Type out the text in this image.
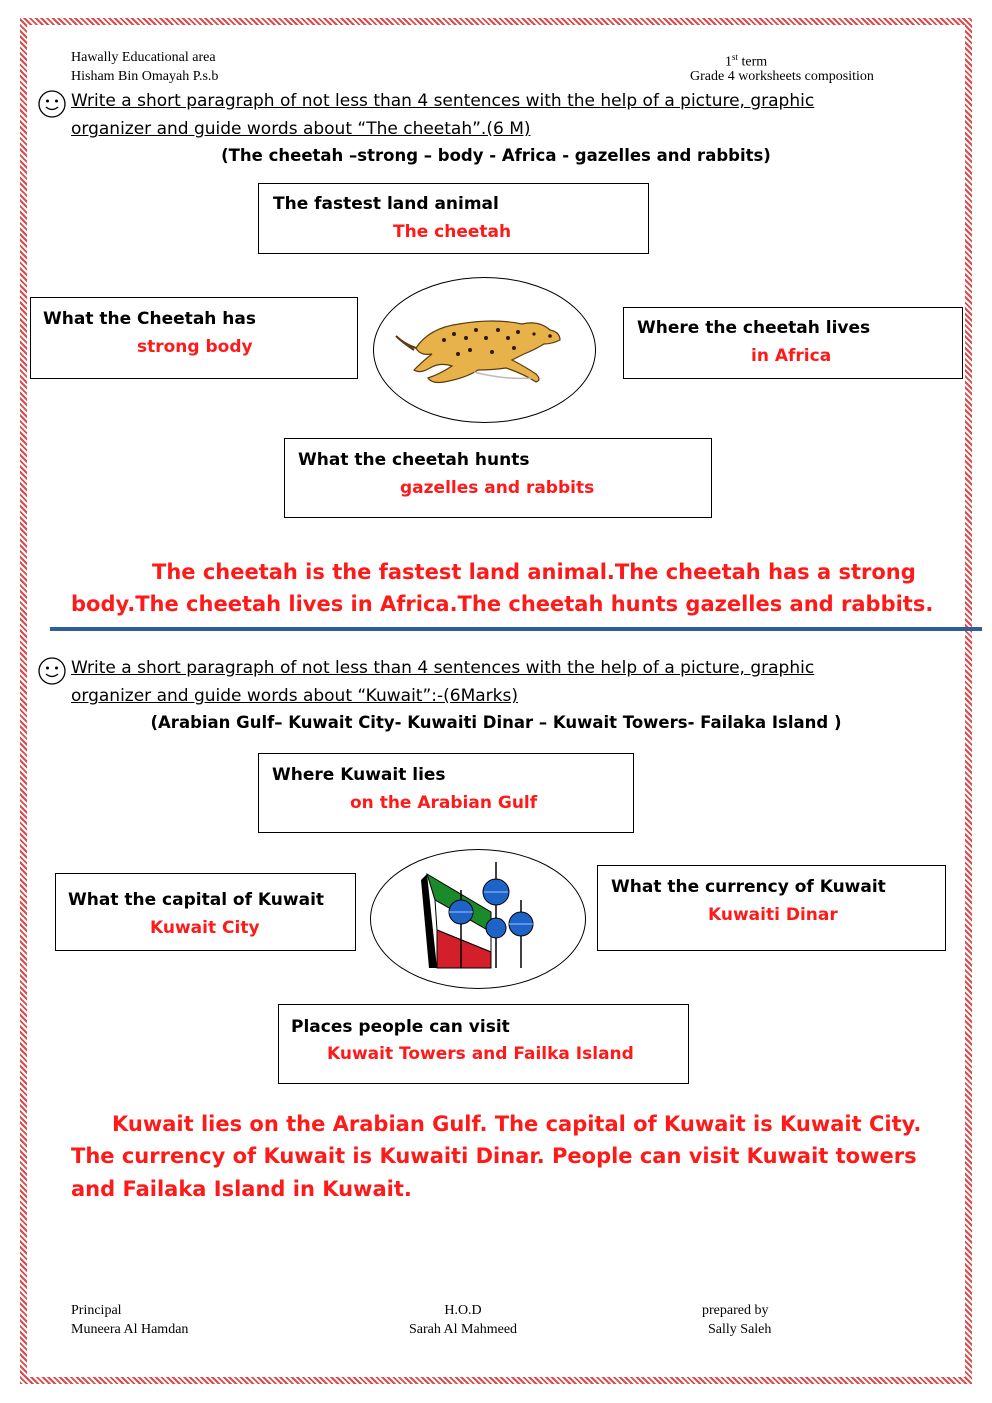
Hawally Educational area
Hisham Bin Omayah P.s.b
1st term
Grade 4 worksheets composition
Write a short paragraph of not less than 4 sentences with the help of a picture, graphic
organizer and guide words about “The cheetah”.(6 M)
(The cheetah –strong – body - Africa - gazelles and rabbits)
The fastest land animal
The cheetah
What the Cheetah has
strong body
Where the cheetah lives
in Africa
What the cheetah hunts
gazelles and rabbits
The cheetah is the fastest land animal.The cheetah has a strong
body.The cheetah lives in Africa.The cheetah hunts gazelles and rabbits.
Write a short paragraph of not less than 4 sentences with the help of a picture, graphic
organizer and guide words about “Kuwait”:-(6Marks)
(Arabian Gulf– Kuwait City- Kuwaiti Dinar – Kuwait Towers- Failaka Island )
Where Kuwait lies
on the Arabian Gulf
What the capital of Kuwait
Kuwait City
What the currency of Kuwait
Kuwaiti Dinar
Places people can visit
Kuwait Towers and Failka Island
Kuwait lies on the Arabian Gulf. The capital of Kuwait is Kuwait City.
The currency of Kuwait is Kuwaiti Dinar. People can visit Kuwait towers
and Failaka Island in Kuwait.
Principal
Muneera Al Hamdan
H.O.D
Sarah Al Mahmeed
prepared by
Sally Saleh
